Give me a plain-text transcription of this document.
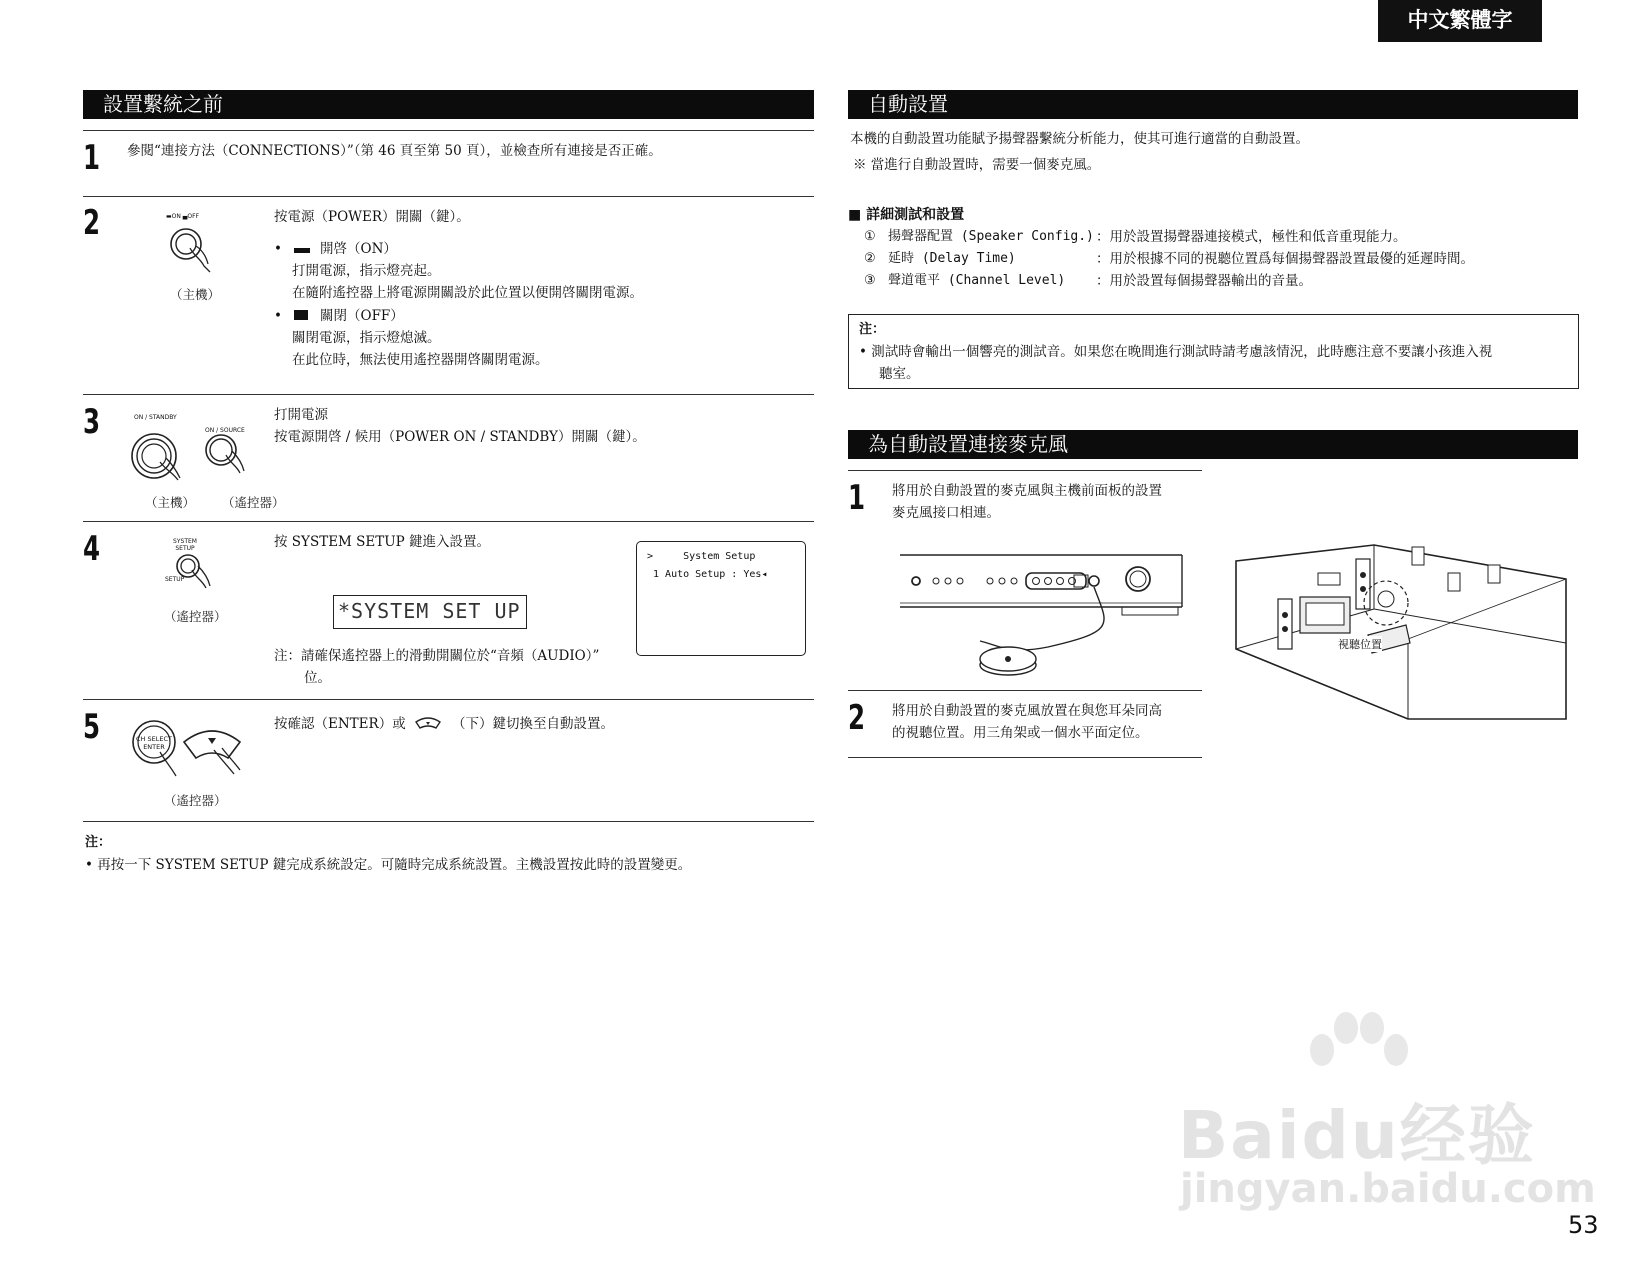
中文繁體字
設置繫統之前
1 參閱“連接方法（CONNECTIONS）”（第 46 頁至第 50 頁），並檢查所有連接是否正確。
2	▬ON ▄OFF
（主機）
按電源（POWER）開關（鍵）。
•	開啓（ON）
打開電源，指示燈亮起。
在隨附遙控器上將電源開關設於此位置以便開啓關閉電源。
•	關閉（OFF）
關閉電源，指示燈熄滅。
在此位時，無法使用遙控器開啓關閉電源。
3	ON / STANDBY
ON / SOURCE
（主機） （遙控器）
打開電源
按電源開啓 / 候用（POWER ON / STANDBY）開關（鍵）。
4	SYSTEM SETUP
SETUP
（遙控器）
按 SYSTEM SETUP 鍵進入設置。
*SYSTEM SET UP
>     System Setup
1 Auto Setup : Yes◂
注：請確保遙控器上的滑動開關位於“音頻（AUDIO）”
位。
5	CH SELECT ENTER
（遙控器）
按確認（ENTER）或	（下）鍵切換至自動設置。
注：
• 再按一下 SYSTEM SETUP 鍵完成系統設定。可隨時完成系統設置。主機設置按此時的設置變更。
自動設置
本機的自動設置功能賦予揚聲器繫統分析能力，使其可進行適當的自動設置。
※ 當進行自動設置時，需要一個麥克風。
■ 詳細測試和設置
① 揚聲器配置 (Speaker Config.) ：用於設置揚聲器連接模式，極性和低音重現能力。
② 延時 (Delay Time)	：用於根據不同的視聽位置爲每個揚聲器設置最優的延遲時間。
③ 聲道電平 (Channel Level) ：用於設置每個揚聲器輸出的音量。
注：
• 測試時會輸出一個響亮的測試音。如果您在晚間進行測試時請考慮該情況，此時應注意不要讓小孩進入視
聽室。
為自動設置連接麥克風
1 將用於自動設置的麥克風與主機前面板的設置
麥克風接口相連。
2 將用於自動設置的麥克風放置在與您耳朵同高
的視聽位置。用三角架或一個水平面定位。
視聽位置
Baidu经验
jingyan.baidu.com
53
